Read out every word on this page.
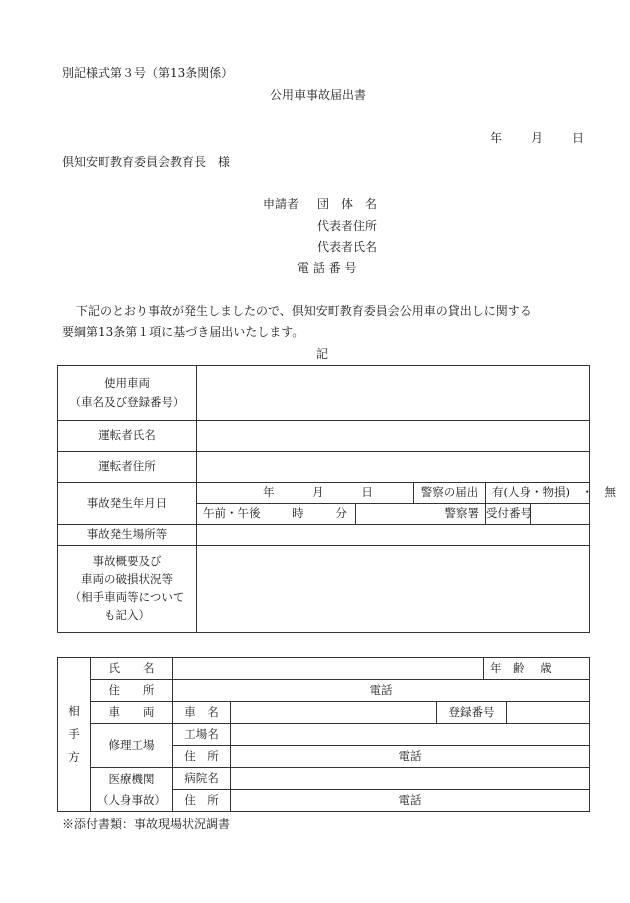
別記様式第３号（第13条関係）
公用車事故届出書
年 月 日
倶知安町教育委員会教育長　様
申請者 団　体　名
代表者住所
代表者氏名
電 話 番 号
下記のとおり事故が発生しましたので、倶知安町教育委員会公用車の貸出しに関する
要綱第13条第１項に基づき届出いたします。
記
使用車両
（車名及び登録番号）					

運転者氏名					
運転者住所					
事故発生年月日	年 月 日		警察の届出	有(人身・物損)　・　無	
	午前・午後 時 分	警察署		受付番号	
事故発生場所等					

事故概要及び
車両の破損状況等
（相手車両等について
も記入）					

相
手
方	氏　　名				年　齢 歳	
	住　　所	電話				
	車　　両	車　名		登録番号		
	修理工場	工場名				
		住　所	電話			

	医療機関
（人身事故）	病院名				
		住　所	電話			
※添付書類：事故現場状況調書
